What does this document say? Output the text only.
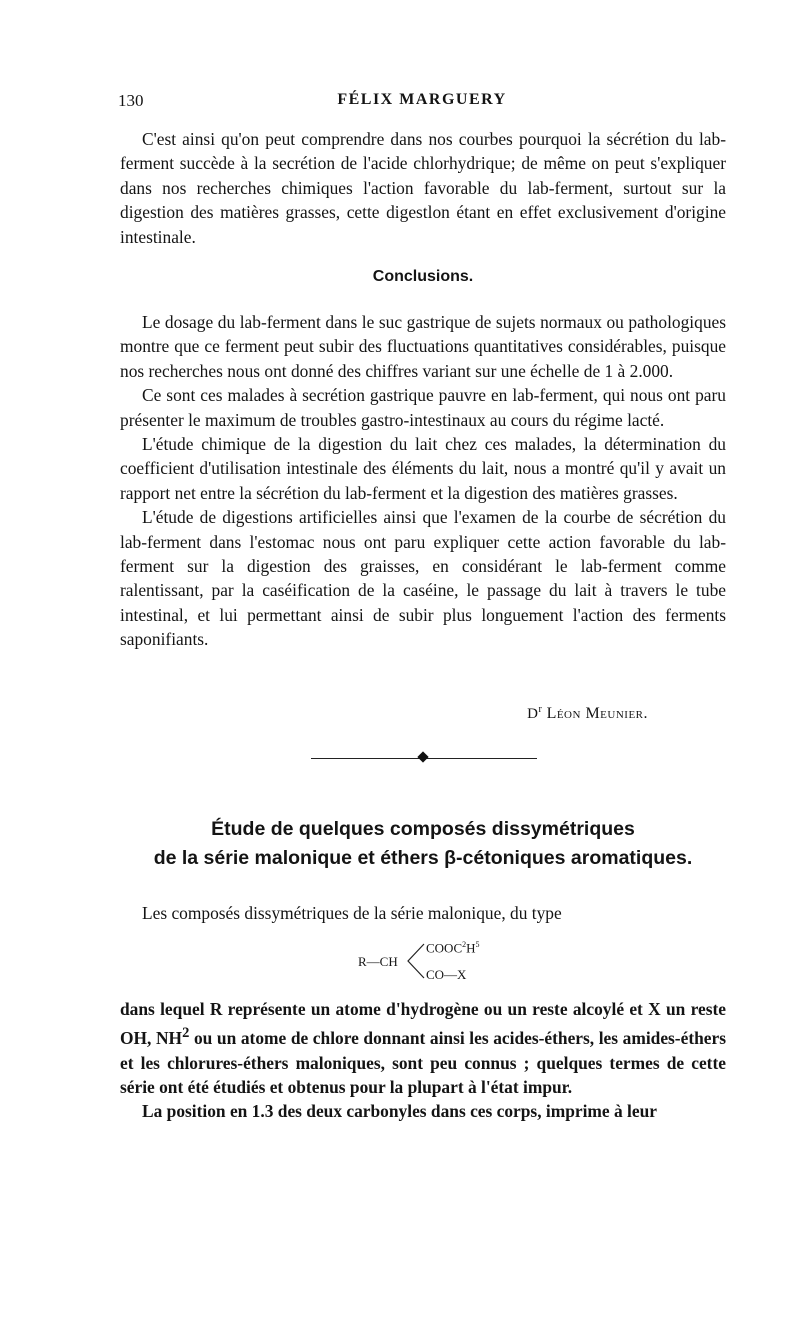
130	FÉLIX MARGUERY

C'est ainsi qu'on peut comprendre dans nos courbes pourquoi la sécrétion du lab-ferment succède à la secrétion de l'acide chlorhydrique; de même on peut s'expliquer dans nos recherches chimiques l'action favorable du lab-ferment, surtout sur la digestion des matières grasses, cette digestlon étant en effet exclusivement d'origine intestinale.

Conclusions.

Le dosage du lab-ferment dans le suc gastrique de sujets normaux ou pathologiques montre que ce ferment peut subir des fluctuations quantitatives considérables, puisque nos recherches nous ont donné des chiffres variant sur une échelle de 1 à 2.000.

Ce sont ces malades à secrétion gastrique pauvre en lab-ferment, qui nous ont paru présenter le maximum de troubles gastro-intestinaux au cours du régime lacté.

L'étude chimique de la digestion du lait chez ces malades, la détermination du coefficient d'utilisation intestinale des éléments du lait, nous a montré qu'il y avait un rapport net entre la sécrétion du lab-ferment et la digestion des matières grasses.

L'étude de digestions artificielles ainsi que l'examen de la courbe de sécrétion du lab-ferment dans l'estomac nous ont paru expliquer cette action favorable du lab-ferment sur la digestion des graisses, en considérant le lab-ferment comme ralentissant, par la caséification de la caséine, le passage du lait à travers le tube intestinal, et lui permettant ainsi de subir plus longuement l'action des ferments saponifiants.

$D^r$ Léon Meunier.
Étude de quelques composés dissymétriques
de la série malonique et éthers β-cétoniques aromatiques.

Les composés dissymétriques de la série malonique, du type

R—CH
$COOC^2H^5$
CO—X

dans lequel R représente un atome d'hydrogène ou un reste alcoylé et X un reste OH, $NH^2$ ou un atome de chlore donnant ainsi les acides-éthers, les amides-éthers et les chlorures-éthers maloniques, sont peu connus ; quelques termes de cette série ont été étudiés et obtenus pour la plupart à l'état impur.

La position en 1.3 des deux carbonyles dans ces corps, imprime à leur
